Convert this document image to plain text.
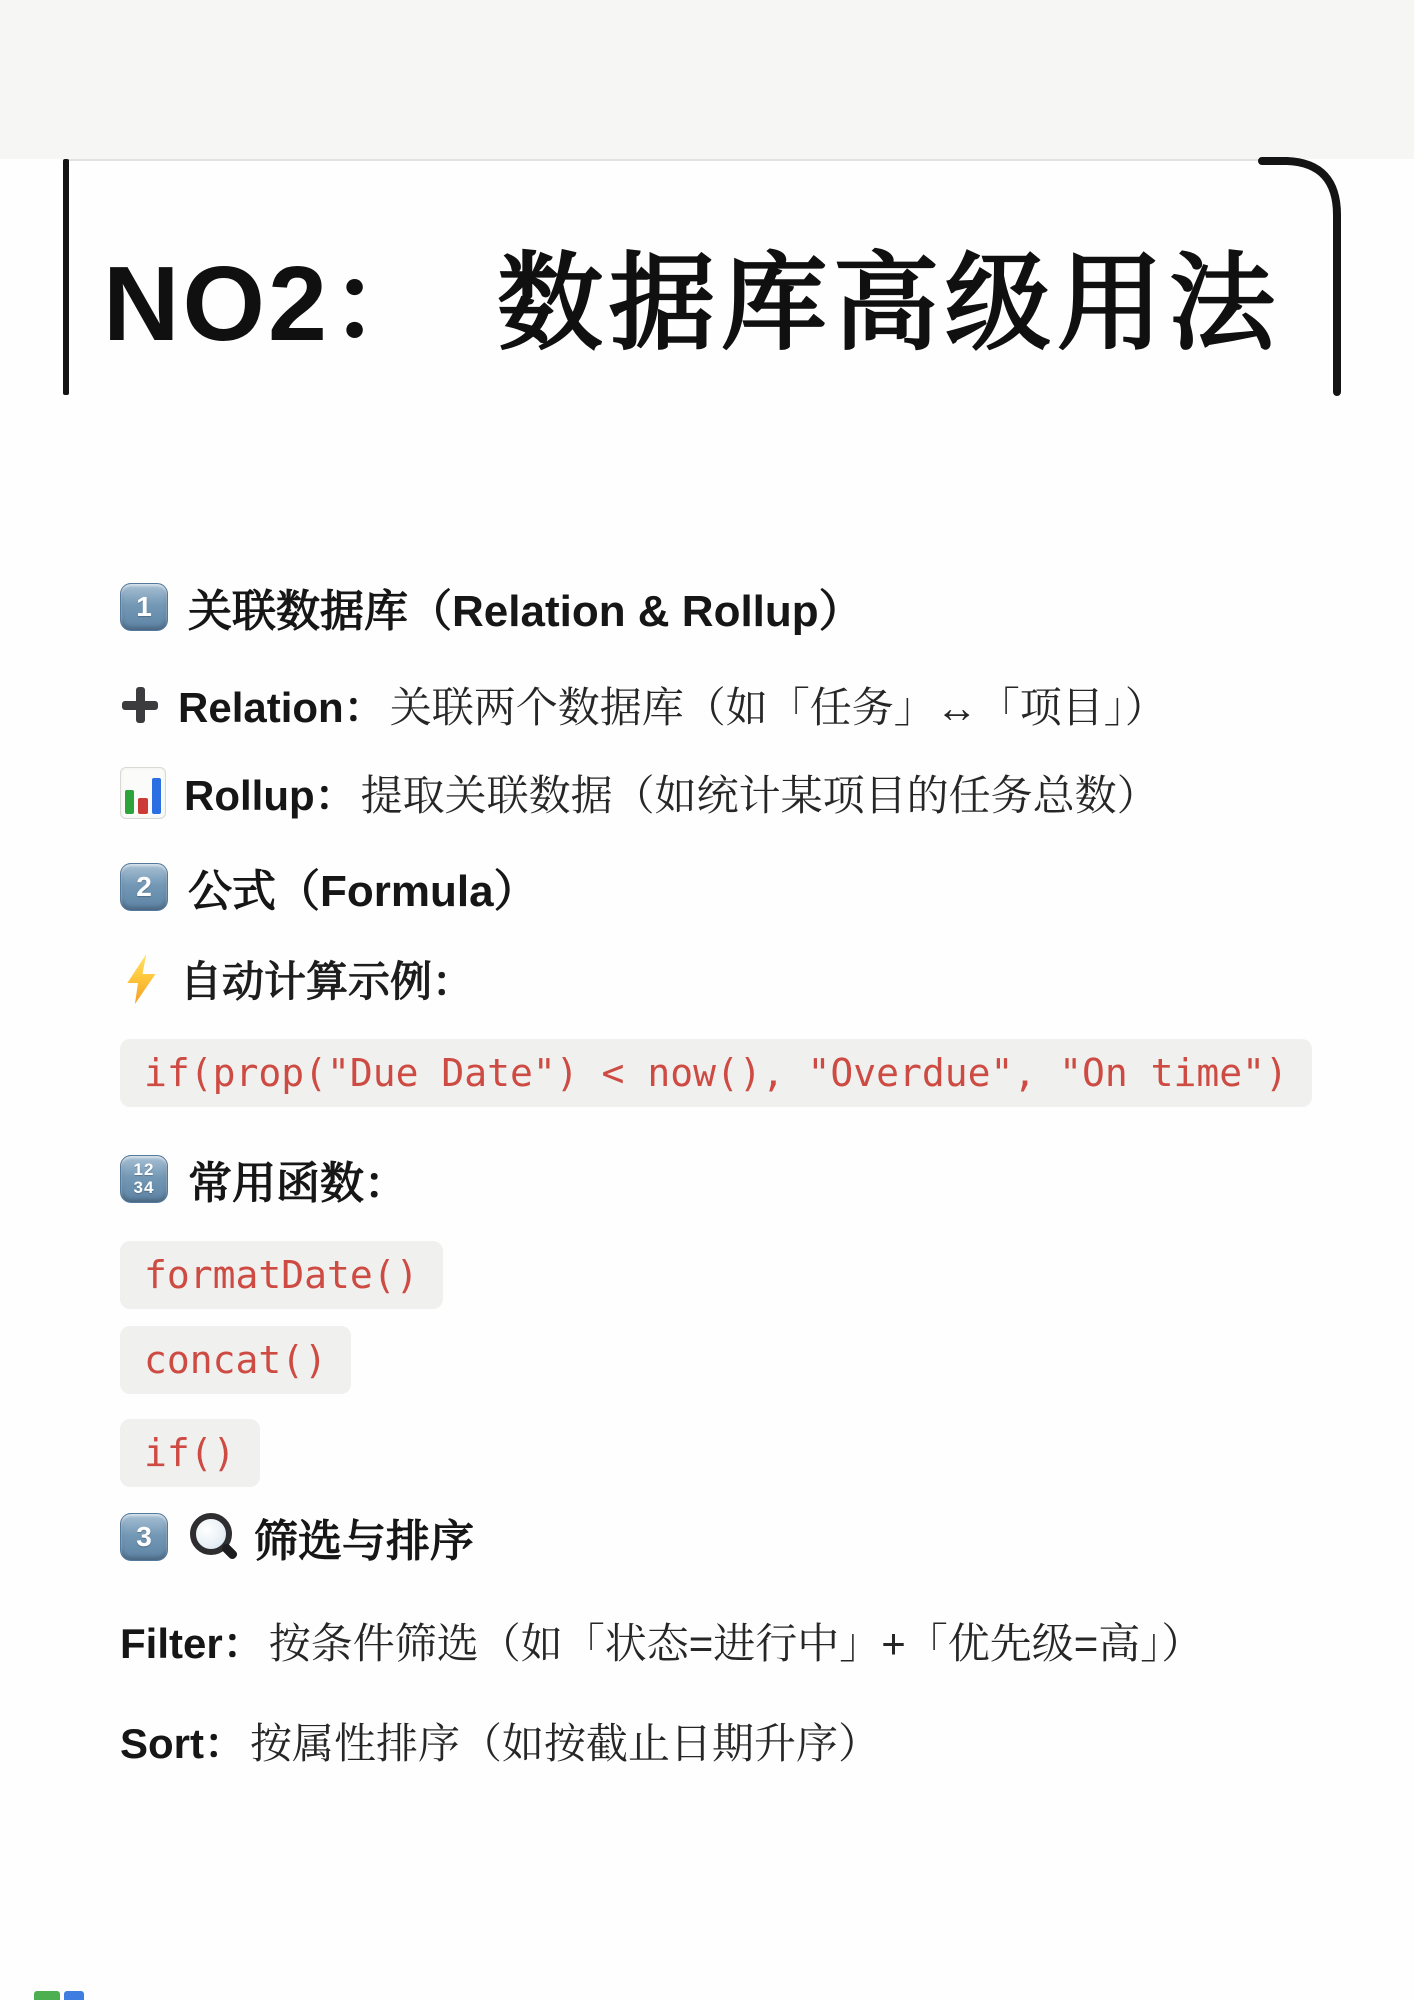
NO2： 数据库高级用法
1 关联数据库（Relation & Rollup）
Relation： 关联两个数据库（如「任务」↔「项目」）
Rollup： 提取关联数据（如统计某项目的任务总数）
2 公式（Formula）
自动计算示例：
if(prop("Due Date") < now(), "Overdue", "On time")
12
34 常用函数：
formatDate()
concat()
if()
3 筛选与排序
Filter： 按条件筛选（如「状态=进行中」+「优先级=高」）
Sort： 按属性排序（如按截止日期升序）
